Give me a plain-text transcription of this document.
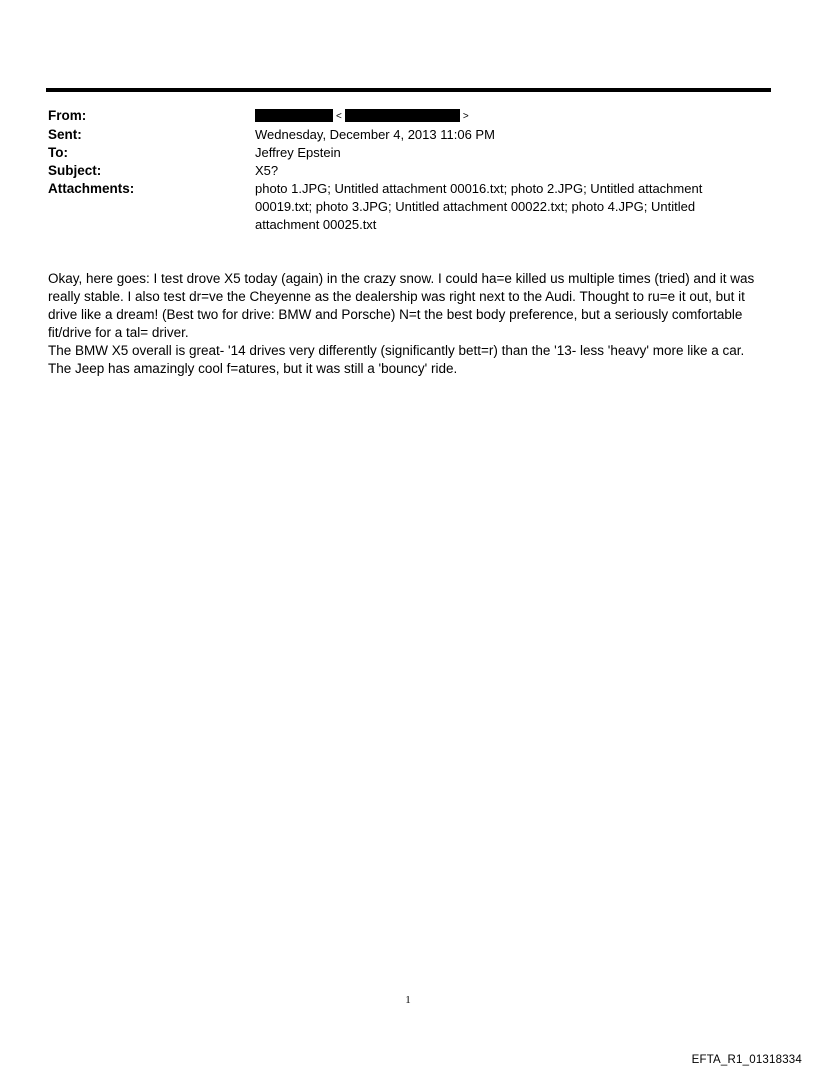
From:	<	>
Sent:	Wednesday, December 4, 2013 11:06 PM
To:	Jeffrey Epstein
Subject:	X5?
Attachments:	photo 1.JPG; Untitled attachment 00016.txt; photo 2.JPG; Untitled attachment 00019.txt; photo 3.JPG; Untitled attachment 00022.txt; photo 4.JPG; Untitled attachment 00025.txt

Okay, here goes: I test drove X5 today (again) in the crazy snow. I could ha=e killed us multiple times (tried) and it was really stable. I also test dr=ve the Cheyenne as the dealership was right next to the Audi. Thought to ru=e it out, but it drive like a dream! (Best two for drive: BMW and Porsche) N=t the best body preference, but a seriously comfortable fit/drive for a tal= driver.

The BMW X5 overall is great- '14 drives very differently (significantly bett=r) than the '13- less 'heavy' more like a car.

The Jeep has amazingly cool f=atures, but it was still a 'bouncy' ride.

1
EFTA_R1_01318334
